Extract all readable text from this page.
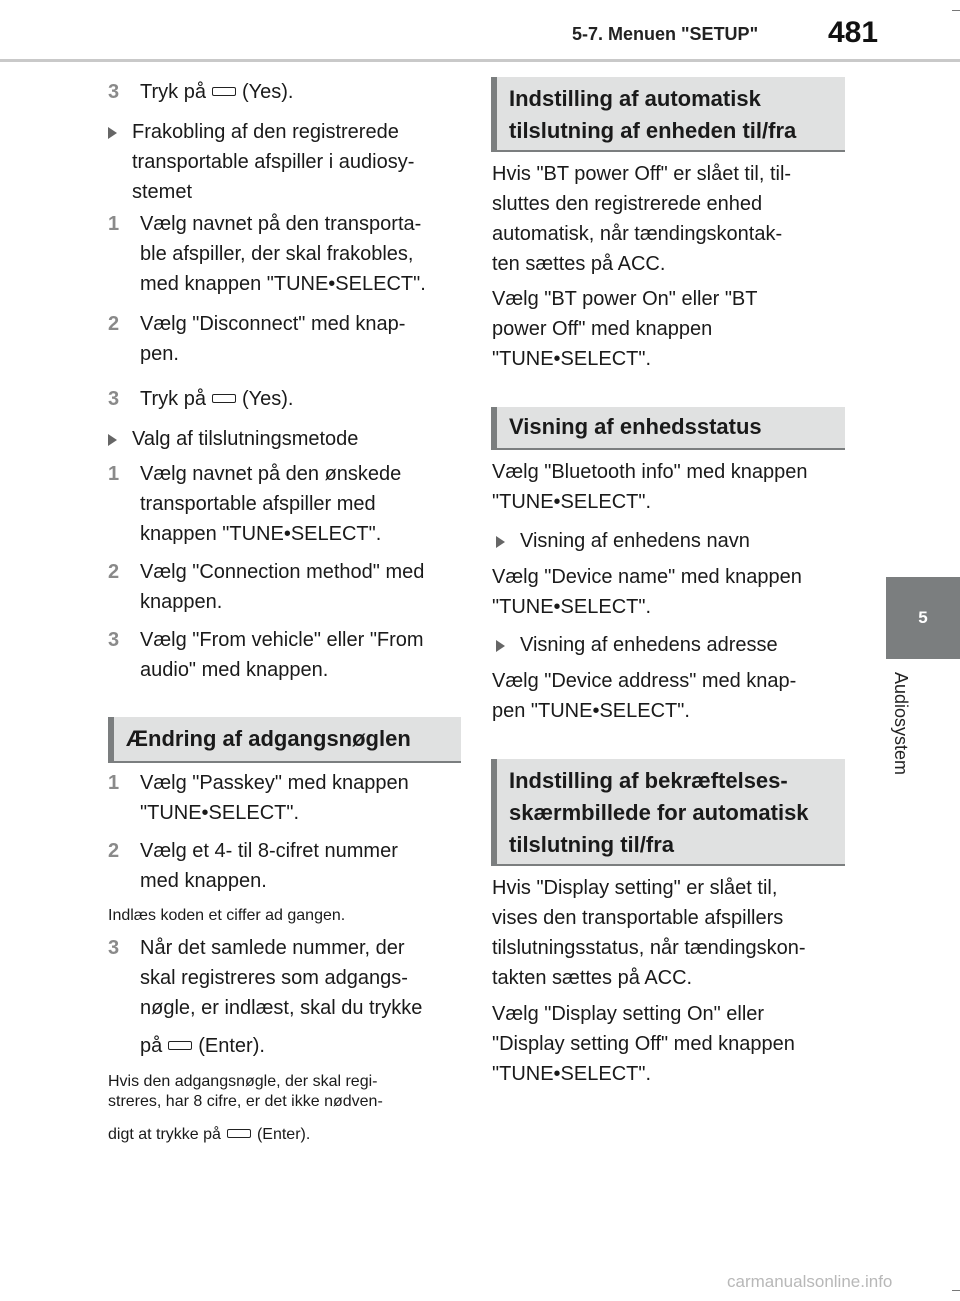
5-7. Menuen "SETUP" 481
5
Audiosystem
3	Tryk på (Yes).
Frakobling af den registrerede
transportable afspiller i audiosy-
stemet
1	Vælg navnet på den transporta-
ble afspiller, der skal frakobles,
med knappen "TUNE•SELECT".
2	Vælg "Disconnect" med knap-
pen.
3	Tryk på (Yes).
Valg af tilslutningsmetode
1	Vælg navnet på den ønskede
transportable afspiller med
knappen "TUNE•SELECT".
2	Vælg "Connection method" med
knappen.
3	Vælg "From vehicle" eller "From
audio" med knappen.
Ændring af adgangsnøglen
1	Vælg "Passkey" med knappen
"TUNE•SELECT".
2	Vælg et 4- til 8-cifret nummer
med knappen.
Indlæs koden et ciffer ad gangen.
3	Når det samlede nummer, der
skal registreres som adgangs-
nøgle, er indlæst, skal du trykke
på (Enter).
Hvis den adgangsnøgle, der skal regi-
streres, har 8 cifre, er det ikke nødven-
digt at trykke på (Enter).
Indstilling af automatisk
tilslutning af enheden til/fra
Hvis "BT power Off" er slået til, til-
sluttes den registrerede enhed
automatisk, når tændingskontak-
ten sættes på ACC.
Vælg "BT power On" eller "BT
power Off" med knappen
"TUNE•SELECT".
Visning af enhedsstatus
Vælg "Bluetooth info" med knappen
"TUNE•SELECT".
Visning af enhedens navn
Vælg "Device name" med knappen
"TUNE•SELECT".
Visning af enhedens adresse
Vælg "Device address" med knap-
pen "TUNE•SELECT".
Indstilling af bekræftelses-
skærmbillede for automatisk
tilslutning til/fra
Hvis "Display setting" er slået til,
vises den transportable afspillers
tilslutningsstatus, når tændingskon-
takten sættes på ACC.
Vælg "Display setting On" eller
"Display setting Off" med knappen
"TUNE•SELECT".
carmanualsonline.info
